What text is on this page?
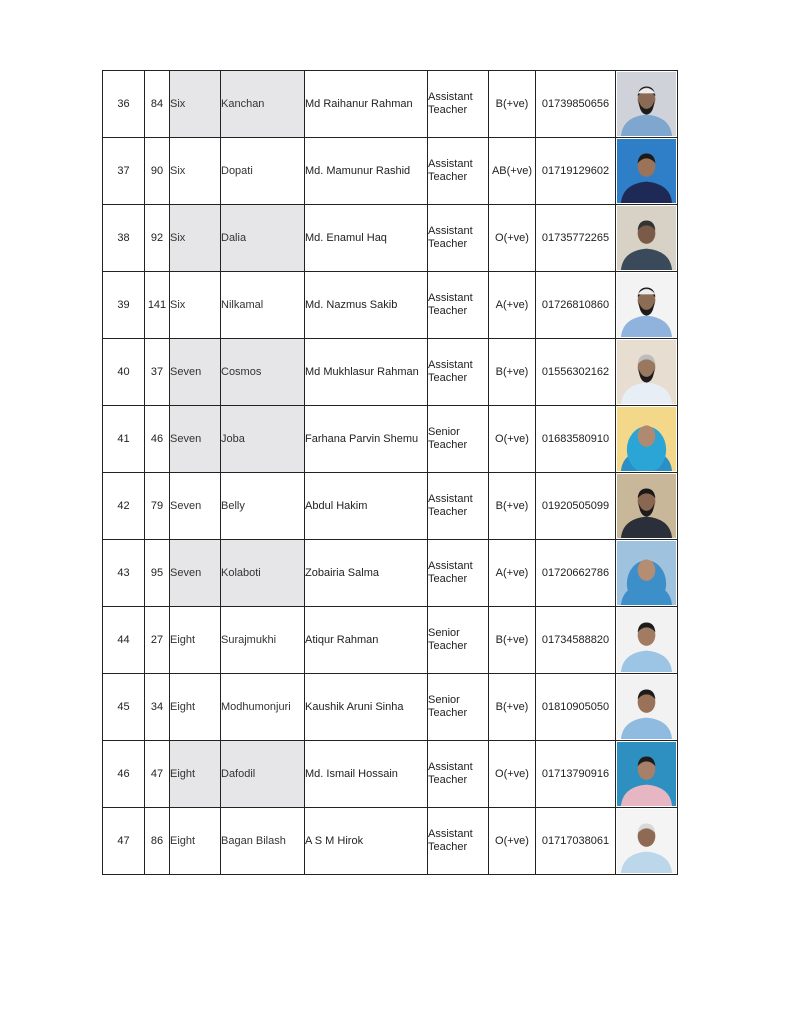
36	84	Six	Kanchan	Md Raihanur Rahman	Assistant
Teacher	B(+ve)	01739850656	

37	90	Six	Dopati	Md. Mamunur Rashid	Assistant
Teacher	AB(+ve)	01719129602	

38	92	Six	Dalia	Md. Enamul Haq	Assistant
Teacher	O(+ve)	01735772265	

39	141	Six	Nilkamal	Md. Nazmus Sakib	Assistant
Teacher	A(+ve)	01726810860	

40	37	Seven	Cosmos	Md Mukhlasur Rahman	Assistant
Teacher	B(+ve)	01556302162	

41	46	Seven	Joba	Farhana Parvin Shemu	Senior
Teacher	O(+ve)	01683580910	

42	79	Seven	Belly	Abdul Hakim	Assistant
Teacher	B(+ve)	01920505099	

43	95	Seven	Kolaboti	Zobairia Salma	Assistant
Teacher	A(+ve)	01720662786	

44	27	Eight	Surajmukhi	Atiqur Rahman	Senior
Teacher	B(+ve)	01734588820	

45	34	Eight	Modhumonjuri	Kaushik Aruni Sinha	Senior
Teacher	B(+ve)	01810905050	

46	47	Eight	Dafodil	Md. Ismail Hossain	Assistant
Teacher	O(+ve)	01713790916	

47	86	Eight	Bagan Bilash	A S M Hirok	Assistant
Teacher	O(+ve)	01717038061	
